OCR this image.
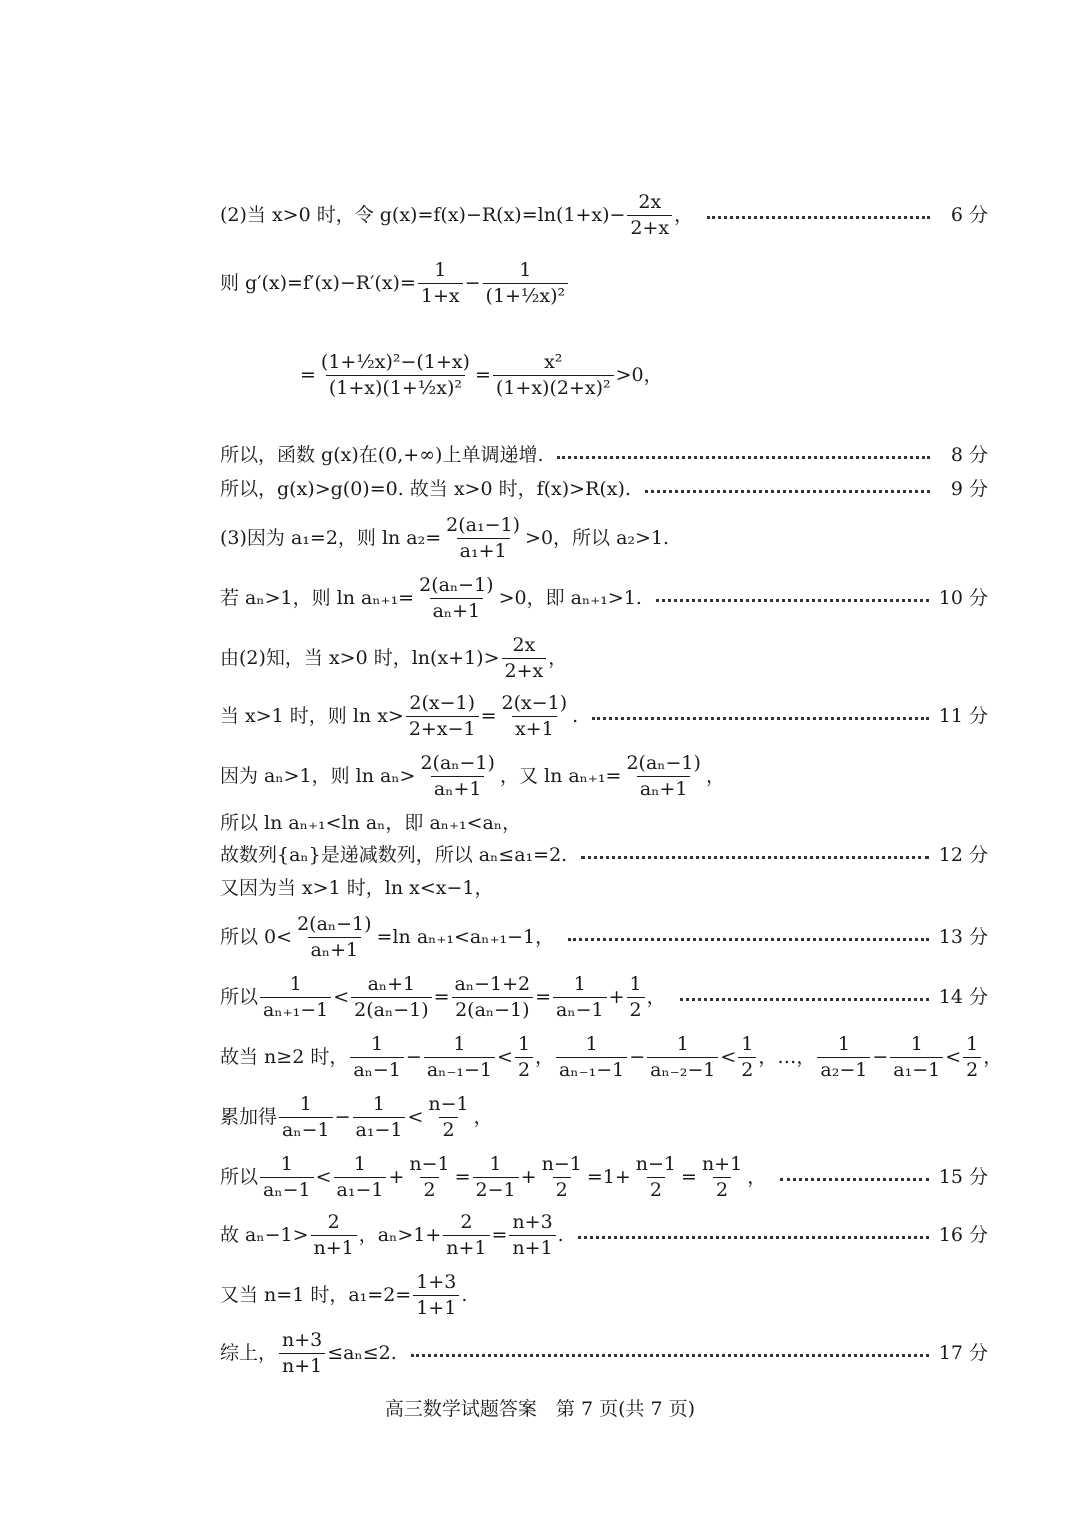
(2)当 x>0 时，令 $g(x)=f(x)-R(x)=\ln(1+x)- \frac{2x}{2+x}$ ，	6 分
则 $g'(x)=f'(x)-R'(x)= \frac{1}{1+x} - \frac{1}{\text{(1+½x)²}}$
= $\frac{\text{(1+½x)²−(1+x)}}{\text{(1+x)(1+½x)²}} = \frac{\text{x²}}{\text{(1+x)(2+x)²}} >0$，
所以，函数 g(x)在(0,+∞)上单调递增.	8 分
所以，g(x)>g(0)=0. 故当 x>0 时，f(x)>R(x).	9 分
(3)因为 a₁=2，则 $\ln a_2= \frac{\text{2(a₁−1)}}{\text{a₁+1}} >0$，所以 a₂>1.
若 aₙ>1，则 $\ln a_{n+1}= \frac{\text{2(aₙ−1)}}{\text{aₙ+1}} >0$，即 aₙ₊₁>1.	10 分
由(2)知，当 x>0 时，$\ln(x+1)> \frac{2x}{2+x}$ ，
当 x>1 时，则 $\ln x> \frac{2(x-1)}{2+x-1} = \frac{2(x-1)}{x+1}$ .	11 分
因为 aₙ>1，则 $\ln a_n> \frac{\text{2(aₙ−1)}}{\text{aₙ+1}}$ ，又 $\ln a_{n+1}= \frac{\text{2(aₙ−1)}}{\text{aₙ+1}}$ ，
所以 ln aₙ₊₁<ln aₙ，即 aₙ₊₁<aₙ，
故数列{aₙ}是递减数列，所以 aₙ≤a₁=2.	12 分
又因为当 x>1 时，ln x<x−1，
所以 $0< \frac{\text{2(aₙ−1)}}{\text{aₙ+1}} =\ln$ aₙ₊₁<aₙ₊₁−1，	13 分
所以 $\frac{1}{\text{aₙ₊₁−1}} < \frac{\text{aₙ+1}}{\text{2(aₙ−1)}} = \frac{\text{aₙ−1+2}}{\text{2(aₙ−1)}} = \frac{1}{\text{aₙ−1}} + \frac{1}{2}$ ，	14 分
故当 n≥2 时， $\frac{1}{\text{aₙ−1}} - \frac{1}{\text{aₙ₋₁−1}} < \frac{1}{2}$ ， $\frac{1}{\text{aₙ₋₁−1}} - \frac{1}{\text{aₙ₋₂−1}} < \frac{1}{2}$ ，…， $\frac{1}{\text{a₂−1}} - \frac{1}{\text{a₁−1}} < \frac{1}{2}$ ，
累加得 $\frac{1}{\text{aₙ−1}} - \frac{1}{\text{a₁−1}} < \frac{n-1}{2}$ ，
所以 $\frac{1}{\text{aₙ−1}} < \frac{1}{\text{a₁−1}} + \frac{n-1}{2} = \frac{1}{2-1} + \frac{n-1}{2} =1+ \frac{n-1}{2} = \frac{n+1}{2}$ ，	15 分
故 $a_n-1> \frac{2}{n+1}$ ，$a_n>1+ \frac{2}{n+1} = \frac{n+3}{n+1}$ .	16 分
又当 n=1 时，$a_1=2= \frac{1+3}{1+1}$ .
综上， $\frac{n+3}{n+1} \le a_n\le 2$.	17 分
高三数学试题答案　第 7 页(共 7 页)
